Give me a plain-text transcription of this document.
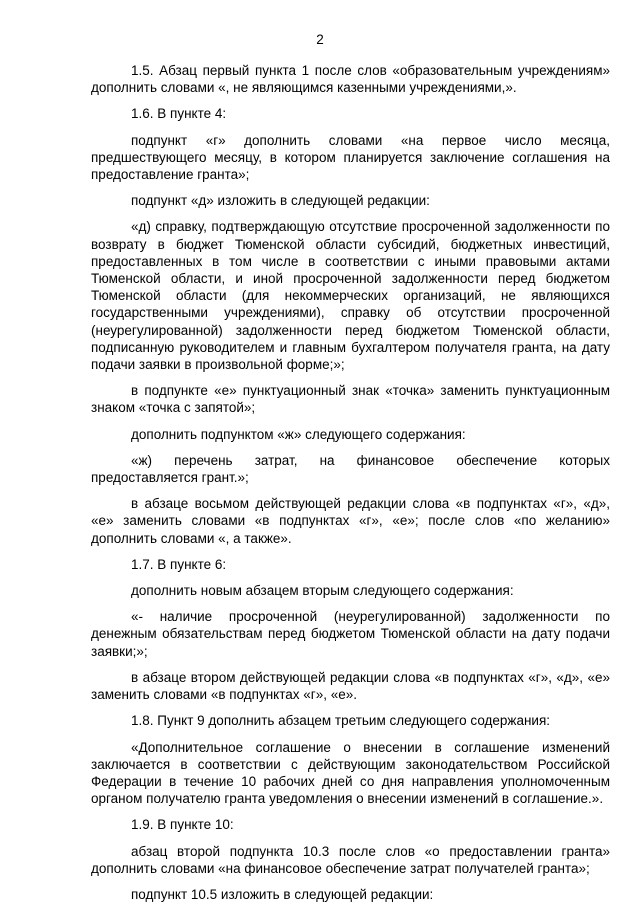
2

1.5. Абзац первый пункта 1 после слов «образовательным учреждениям» дополнить словами «, не являющимся казенными учреждениями,».

1.6. В пункте 4:

подпункт «г» дополнить словами «на первое число месяца, предшествующего месяцу, в котором планируется заключение соглашения на предоставление гранта»;

подпункт «д» изложить в следующей редакции:

«д) справку, подтверждающую отсутствие просроченной задолженности по возврату в бюджет Тюменской области субсидий, бюджетных инвестиций, предоставленных в том числе в соответствии с иными правовыми актами Тюменской области, и иной просроченной задолженности перед бюджетом Тюменской области (для некоммерческих организаций, не являющихся государственными учреждениями), справку об отсутствии просроченной (неурегулированной) задолженности перед бюджетом Тюменской области, подписанную руководителем и главным бухгалтером получателя гранта, на дату подачи заявки в произвольной форме;»;

в подпункте «е» пунктуационный знак «точка» заменить пунктуационным знаком «точка с запятой»;

дополнить подпунктом «ж» следующего содержания:

«ж) перечень затрат, на финансовое обеспечение которых предоставляется грант.»;

в абзаце восьмом действующей редакции слова «в подпунктах «г», «д», «е» заменить словами «в подпунктах «г», «е»; после слов «по желанию» дополнить словами «, а также».

1.7. В пункте 6:

дополнить новым абзацем вторым следующего содержания:

«- наличие просроченной (неурегулированной) задолженности по денежным обязательствам перед бюджетом Тюменской области на дату подачи заявки;»;

в абзаце втором действующей редакции слова «в подпунктах «г», «д», «е» заменить словами «в подпунктах «г», «е».

1.8. Пункт 9 дополнить абзацем третьим следующего содержания:

«Дополнительное соглашение о внесении в соглашение изменений заключается в соответствии с действующим законодательством Российской Федерации в течение 10 рабочих дней со дня направления уполномоченным органом получателю гранта уведомления о внесении изменений в соглашение.».

1.9. В пункте 10:

абзац второй подпункта 10.3 после слов «о предоставлении гранта» дополнить словами «на финансовое обеспечение затрат получателей гранта»;

подпункт 10.5 изложить в следующей редакции:
